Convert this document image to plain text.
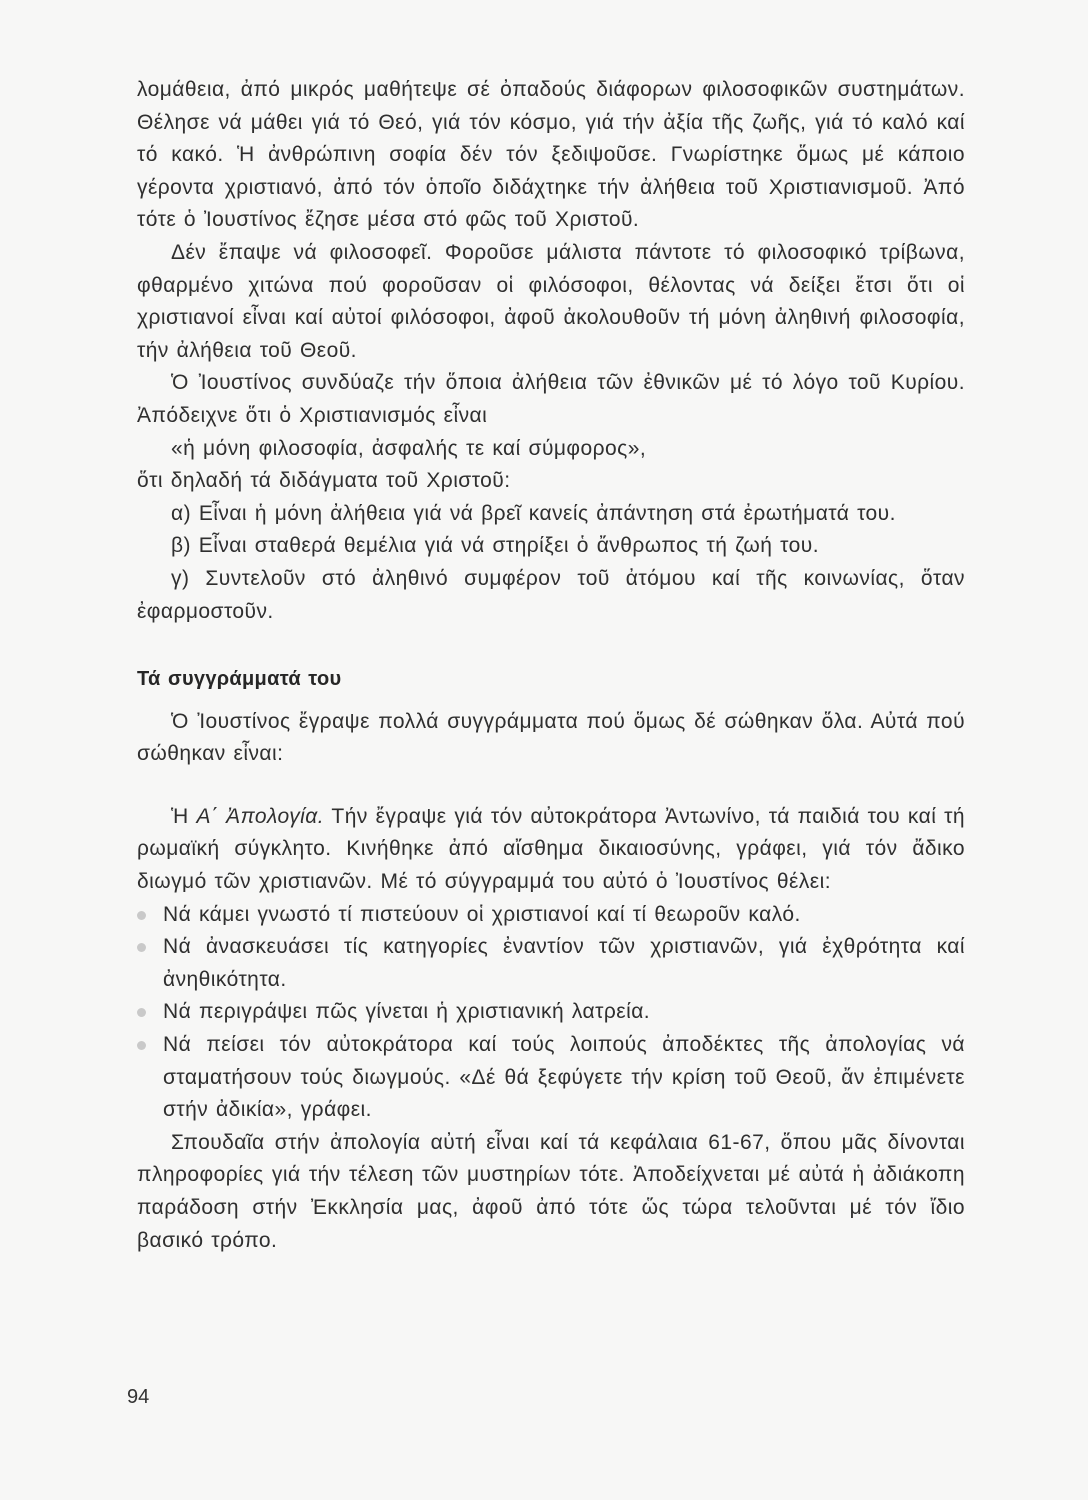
λομάθεια, ἀπό μικρός μαθήτεψε σέ ὀπαδούς διάφορων φιλοσοφικῶν συστημάτων. Θέλησε νά μάθει γιά τό Θεό, γιά τόν κόσμο, γιά τήν ἀξία τῆς ζωῆς, γιά τό καλό καί τό κακό. Ἡ ἀνθρώπινη σοφία δέν τόν ξεδιψοῦσε. Γνωρίστηκε ὅμως μέ κάποιο γέροντα χριστιανό, ἀπό τόν ὁποῖο διδάχτηκε τήν ἀλήθεια τοῦ Χριστιανισμοῦ. Ἀπό τότε ὁ Ἰουστίνος ἔζησε μέσα στό φῶς τοῦ Χριστοῦ.

Δέν ἔπαψε νά φιλοσοφεῖ. Φοροῦσε μάλιστα πάντοτε τό φιλοσοφικό τρίβωνα, φθαρμένο χιτώνα πού φοροῦσαν οἱ φιλόσοφοι, θέλοντας νά δείξει ἔτσι ὅτι οἱ χριστιανοί εἶναι καί αὐτοί φιλόσοφοι, ἀφοῦ ἀκολουθοῦν τή μόνη ἀληθινή φιλοσοφία, τήν ἀλήθεια τοῦ Θεοῦ.

Ὁ Ἰουστίνος συνδύαζε τήν ὅποια ἀλήθεια τῶν ἐθνικῶν μέ τό λόγο τοῦ Κυρίου. Ἀπόδειχνε ὅτι ὁ Χριστιανισμός εἶναι

«ἡ μόνη φιλοσοφία, ἀσφαλής τε καί σύμφορος»,

ὅτι δηλαδή τά διδάγματα τοῦ Χριστοῦ:

α) Εἶναι ἡ μόνη ἀλήθεια γιά νά βρεῖ κανείς ἀπάντηση στά ἐρωτήματά του.

β) Εἶναι σταθερά θεμέλια γιά νά στηρίξει ὁ ἄνθρωπος τή ζωή του.

γ) Συντελοῦν στό ἀληθινό συμφέρον τοῦ ἀτόμου καί τῆς κοινωνίας, ὅταν ἐφαρμοστοῦν.

Τά συγγράμματά του

Ὁ Ἰουστίνος ἔγραψε πολλά συγγράμματα πού ὅμως δέ σώθηκαν ὅλα. Αὐτά πού σώθηκαν εἶναι:

Ἡ Α΄ Ἀπολογία. Τήν ἔγραψε γιά τόν αὐτοκράτορα Ἀντωνίνο, τά παιδιά του καί τή ρωμαϊκή σύγκλητο. Κινήθηκε ἀπό αἴσθημα δικαιοσύνης, γράφει, γιά τόν ἄδικο διωγμό τῶν χριστιανῶν. Μέ τό σύγγραμμά του αὐτό ὁ Ἰουστίνος θέλει:

Νά κάμει γνωστό τί πιστεύουν οἱ χριστιανοί καί τί θεωροῦν καλό.
Νά ἀνασκευάσει τίς κατηγορίες ἐναντίον τῶν χριστιανῶν, γιά ἐχθρότητα καί ἀνηθικότητα.
Νά περιγράψει πῶς γίνεται ἡ χριστιανική λατρεία.
Νά πείσει τόν αὐτοκράτορα καί τούς λοιπούς ἀποδέκτες τῆς ἀπολογίας νά σταματήσουν τούς διωγμούς. «Δέ θά ξεφύγετε τήν κρίση τοῦ Θεοῦ, ἄν ἐπιμένετε στήν ἀδικία», γράφει.

Σπουδαῖα στήν ἀπολογία αὐτή εἶναι καί τά κεφάλαια 61-67, ὅπου μᾶς δίνονται πληροφορίες γιά τήν τέλεση τῶν μυστηρίων τότε. Ἀποδείχνεται μέ αὐτά ἡ ἀδιάκοπη παράδοση στήν Ἐκκλησία μας, ἀφοῦ ἀπό τότε ὥς τώρα τελοῦνται μέ τόν ἴδιο βασικό τρόπο.

94
